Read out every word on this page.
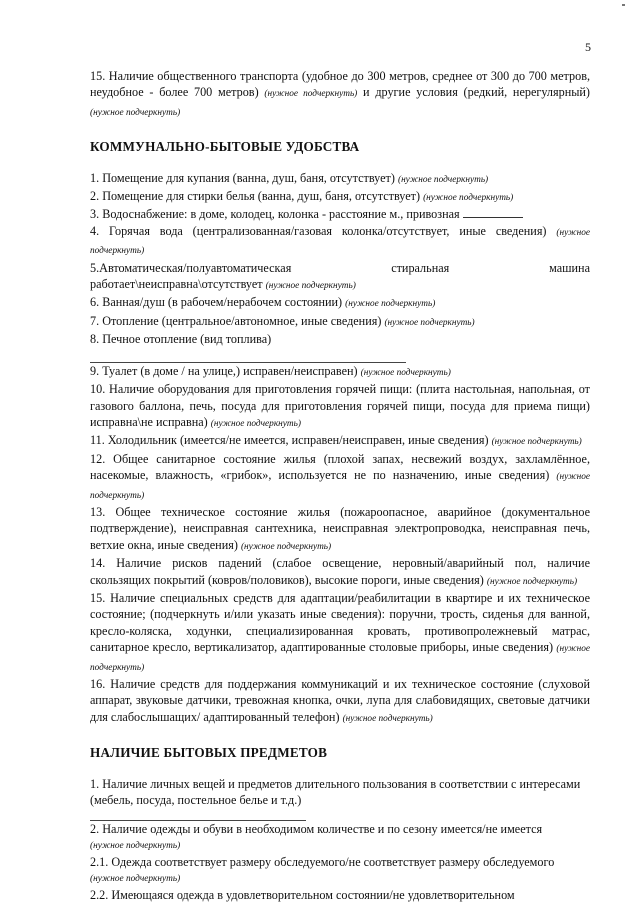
5

15. Наличие общественного транспорта (удобное до 300 метров, среднее от 300 до 700 метров, неудобное - более 700 метров) (нужное подчеркнуть) и другие условия (редкий, нерегулярный) (нужное подчеркнуть)

КОММУНАЛЬНО-БЫТОВЫЕ УДОБСТВА

1. Помещение для купания (ванна, душ, баня, отсутствует) (нужное подчеркнуть)

2. Помещение для стирки белья (ванна, душ, баня, отсутствует) (нужное подчеркнуть)

3. Водоснабжение: в доме, колодец, колонка - расстояние м., привозная

4. Горячая вода (централизованная/газовая колонка/отсутствует, иные сведения) (нужное подчеркнуть)

5.Автоматическая/полуавтоматическая	стиральная	машина

работает\неисправна\отсутствует (нужное подчеркнуть)

6. Ванная/душ (в рабочем/нерабочем состоянии) (нужное подчеркнуть)

7. Отопление (центральное/автономное, иные сведения) (нужное подчеркнуть)

8. Печное отопление (вид топлива)

9. Туалет (в доме / на улице,) исправен/неисправен) (нужное подчеркнуть)

10. Наличие оборудования для приготовления горячей пищи: (плита настольная, напольная, от газового баллона, печь, посуда для приготовления горячей пищи, посуда для приема пищи) исправна\не исправна) (нужное подчеркнуть)

11. Холодильник (имеется/не имеется, исправен/неисправен, иные сведения) (нужное подчеркнуть)

12. Общее санитарное состояние жилья (плохой запах, несвежий воздух, захламлённое, насекомые, влажность, «грибок», используется не по назначению, иные сведения) (нужное подчеркнуть)

13. Общее техническое состояние жилья (пожароопасное, аварийное (документальное подтверждение), неисправная сантехника, неисправная электропроводка, неисправная печь, ветхие окна, иные сведения) (нужное подчеркнуть)

14. Наличие рисков падений (слабое освещение, неровный/аварийный пол, наличие скользящих покрытий (ковров/половиков), высокие пороги, иные сведения) (нужное подчеркнуть)

15. Наличие специальных средств для адаптации/реабилитации в квартире и их техническое состояние; (подчеркнуть и/или указать иные сведения): поручни, трость, сиденья для ванной, кресло-коляска, ходунки, специализированная кровать, противопролежневый матрас, санитарное кресло, вертикализатор, адаптированные столовые приборы, иные сведения) (нужное подчеркнуть)

16. Наличие средств для поддержания коммуникаций и их техническое состояние (слуховой аппарат, звуковые датчики, тревожная кнопка, очки, лупа для слабовидящих, световые датчики для слабослышащих/ адаптированный телефон) (нужное подчеркнуть)

НАЛИЧИЕ БЫТОВЫХ ПРЕДМЕТОВ

1. Наличие личных вещей и предметов длительного пользования в соответствии с интересами (мебель, посуда, постельное белье и т.д.)

2. Наличие одежды и обуви в необходимом количестве и по сезону имеется/не имеется

(нужное подчеркнуть)

2.1. Одежда соответствует размеру обследуемого/не соответствует размеру обследуемого

(нужное подчеркнуть)

2.2. Имеющаяся одежда в удовлетворительном состоянии/не удовлетворительном
